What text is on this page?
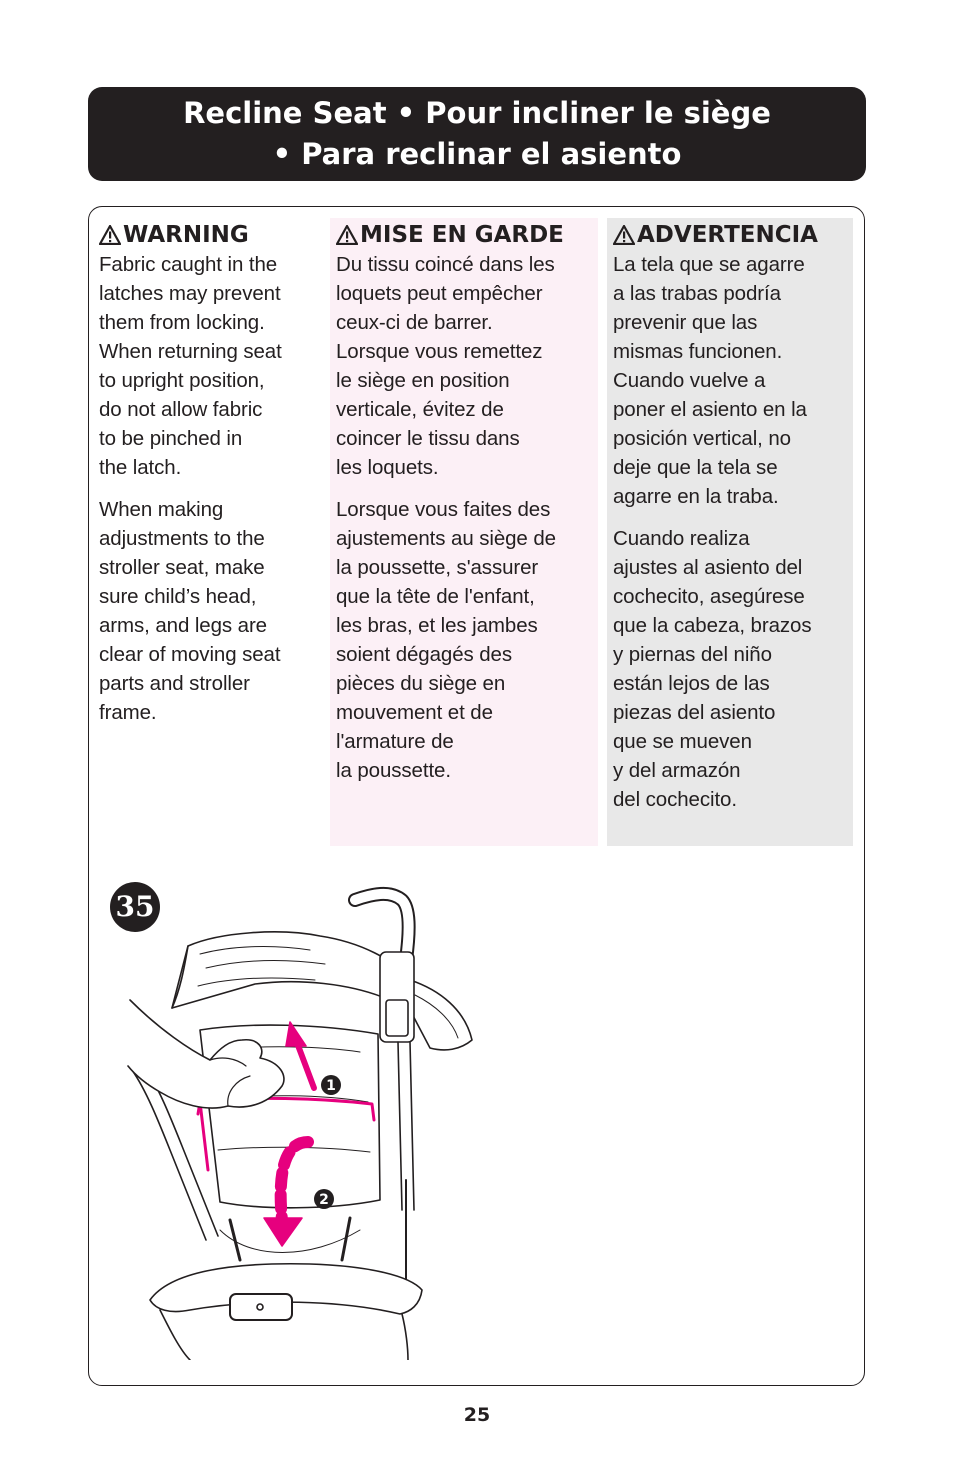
Recline Seat • Pour incliner le siège
• Para reclinar el asiento
WARNING

Fabric caught in the
latches may prevent
them from locking.
When returning seat
to upright position,
do not allow fabric
to be pinched in
the latch.

When making
adjustments to the
stroller seat, make
sure child’s head,
arms, and legs are
clear of moving seat
parts and stroller
frame.

MISE EN GARDE

Du tissu coincé dans les
loquets peut empêcher
ceux-ci de barrer.
Lorsque vous remettez
le siège en position
verticale, évitez de
coincer le tissu dans
les loquets.

Lorsque vous faites des
ajustements au siège de
la poussette, s'assurer
que la tête de l'enfant,
les bras, et les jambes
soient dégagés des
pièces du siège en
mouvement et de
l'armature de
la poussette.

ADVERTENCIA

La tela que se agarre
a las trabas podría
prevenir que las
mismas funcionen.
Cuando vuelve a
poner el asiento en la
posición vertical, no
deje que la tela se
agarre en la traba.

Cuando realiza
ajustes al asiento del
cochecito, asegúrese
que la cabeza, brazos
y piernas del niño
están lejos de las
piezas del asiento
que se mueven
y del armazón
del cochecito.

35
1
2
25
